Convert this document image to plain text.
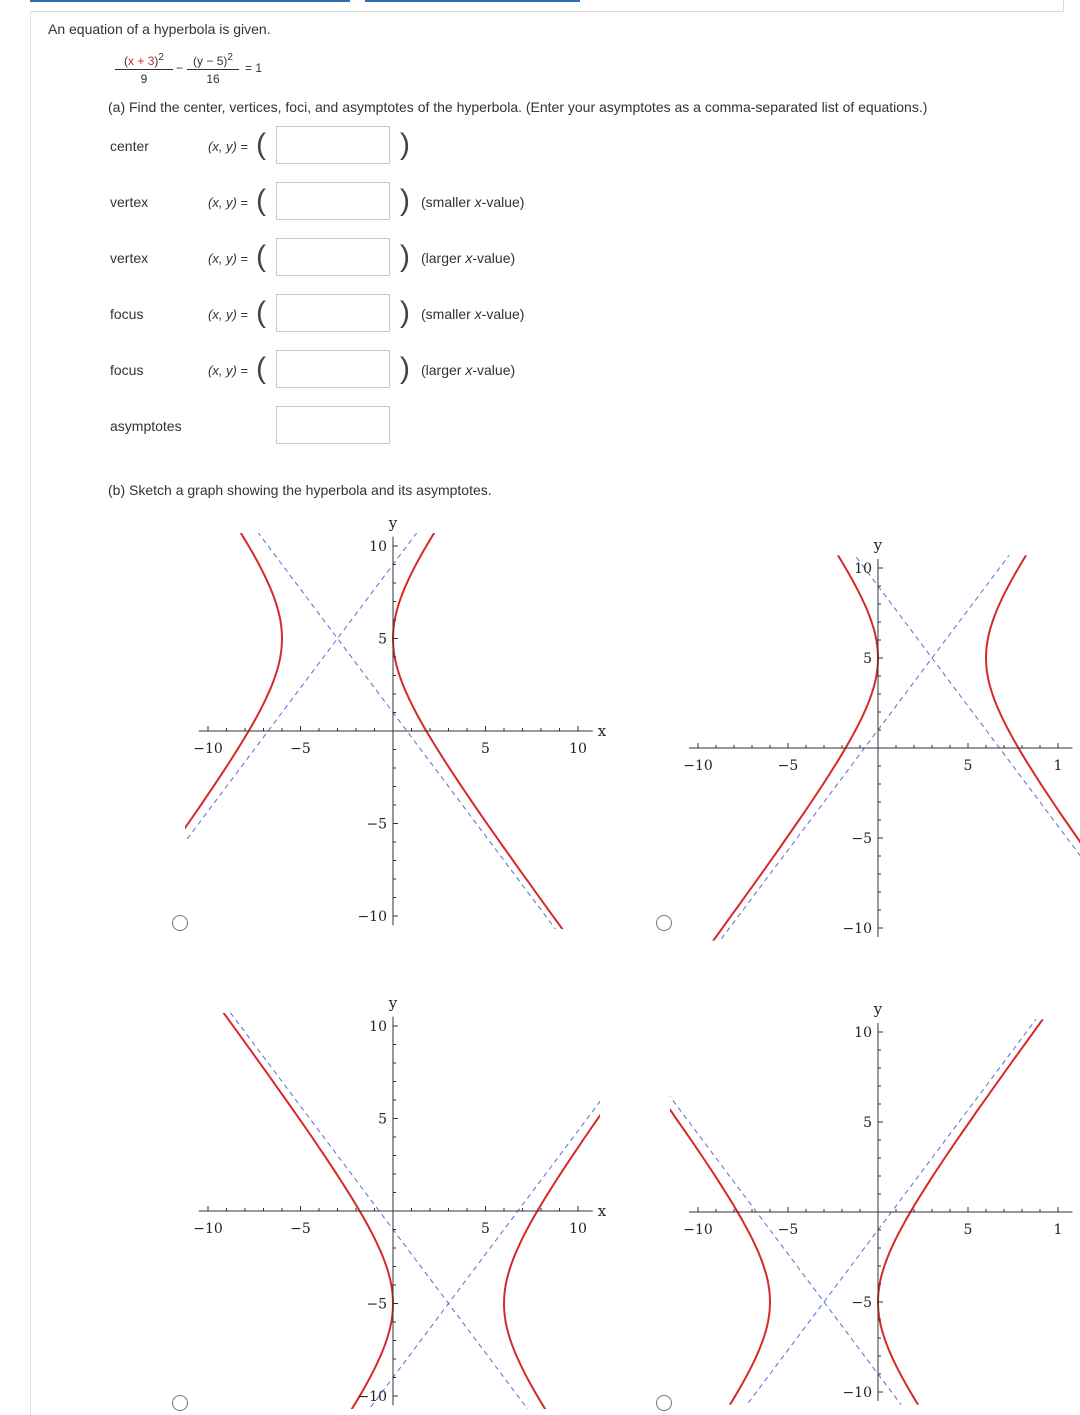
An equation of a hyperbola is given.
$\frac{(x + 3)^2}{9} - \frac{(y - 5)^2}{16} = 1$
(a) Find the center, vertices, foci, and asymptotes of the hyperbola. (Enter your asymptotes as a comma-separated list of equations.)
center	(x, y) = (	)
vertex	(x, y) = (	) (smaller x-value)
vertex	(x, y) = (	) (larger x-value)
focus	(x, y) = (	) (smaller x-value)
focus	(x, y) = (	) (larger x-value)
asymptotes
(b) Sketch a graph showing the hyperbola and its asymptotes.
−10	−5	5	10
10
5
−5
−10
y
x
−10	−5	5	1
10
5
−5
−10
y
−10	−5	5	10
10
5
−5
−10
y
x
−10	−5	5	1
10
5
−5
−10
y
